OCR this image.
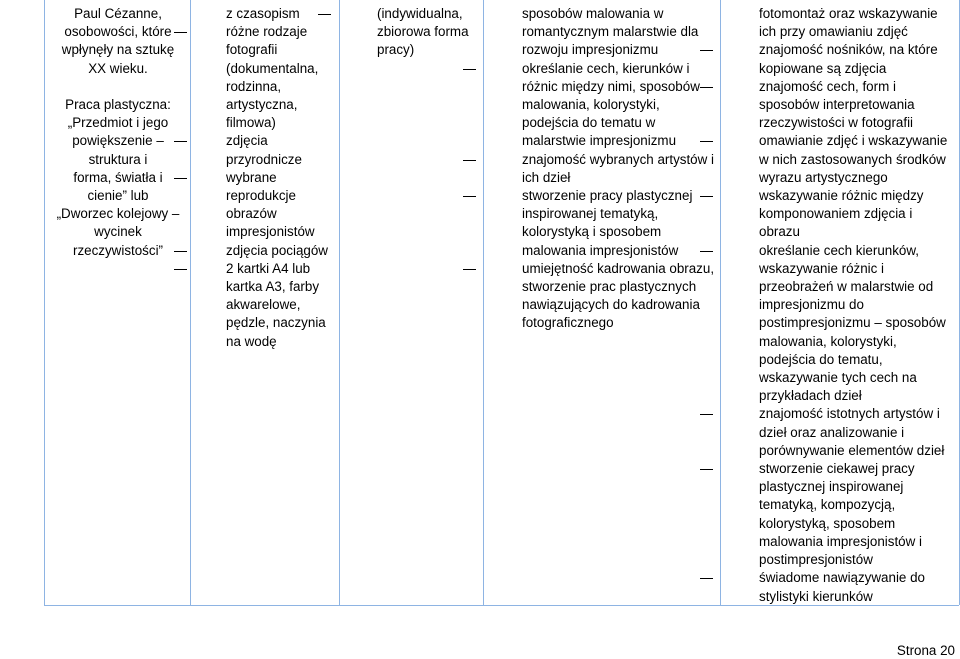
Paul Cézanne,
osobowości, które
wpłynęły na sztukę
XX wieku.
Praca plastyczna:
„Przedmiot i jego
powiększenie –
struktura i
forma, światła i
cienie” lub
„Dworzec kolejowy –
wycinek
rzeczywistości”
z czasopism
różne rodzaje
fotografii
(dokumentalna,
rodzinna,
artystyczna,
filmowa)
zdjęcia
przyrodnicze
wybrane
reprodukcje
obrazów
impresjonistów
zdjęcia pociągów
2 kartki A4 lub
kartka A3, farby
akwarelowe,
pędzle, naczynia
na wodę
(indywidualna,
zbiorowa forma
pracy)
sposobów malowania w
romantycznym malarstwie dla
rozwoju impresjonizmu
określanie cech, kierunków i
różnic między nimi, sposobów
malowania, kolorystyki,
podejścia do tematu w
malarstwie impresjonizmu
znajomość wybranych artystów i
ich dzieł
stworzenie pracy plastycznej
inspirowanej tematyką,
kolorystyką i sposobem
malowania impresjonistów
umiejętność kadrowania obrazu,
stworzenie prac plastycznych
nawiązujących do kadrowania
fotograficznego
fotomontaż oraz wskazywanie
ich przy omawianiu zdjęć
znajomość nośników, na które
kopiowane są zdjęcia
znajomość cech, form i
sposobów interpretowania
rzeczywistości w fotografii
omawianie zdjęć i wskazywanie
w nich zastosowanych środków
wyrazu artystycznego
wskazywanie różnic między
komponowaniem zdjęcia i
obrazu
określanie cech kierunków,
wskazywanie różnic i
przeobrażeń w malarstwie od
impresjonizmu do
postimpresjonizmu – sposobów
malowania, kolorystyki,
podejścia do tematu,
wskazywanie tych cech na
przykładach dzieł
znajomość istotnych artystów i
dzieł oraz analizowanie i
porównywanie elementów dzieł
stworzenie ciekawej pracy
plastycznej inspirowanej
tematyką, kompozycją,
kolorystyką, sposobem
malowania impresjonistów i
postimpresjonistów
świadome nawiązywanie do
stylistyki kierunków
Strona 20
